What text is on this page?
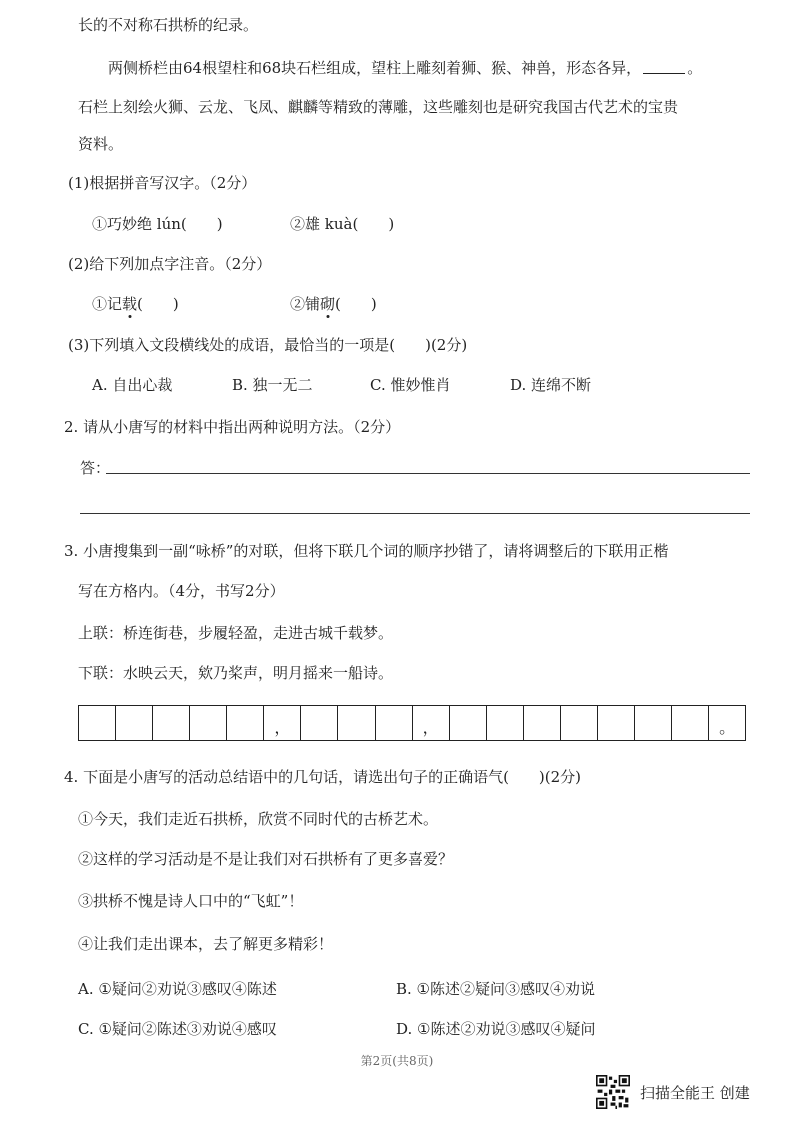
长的不对称石拱桥的纪录。
两侧桥栏由64根望柱和68块石栏组成，望柱上雕刻着狮、猴、神兽，形态各异，	。
石栏上刻绘火狮、云龙、飞凤、麒麟等精致的薄雕，这些雕刻也是研究我国古代艺术的宝贵
资料。
(1)根据拼音写汉字。（2分）
①巧妙绝 lún(　　)	②雄 kuà(　　)
(2)给下列加点字注音。（2分）
①记载(　　)	②铺砌(　　)
(3)下列填入文段横线处的成语，最恰当的一项是(　　)(2分)
A. 自出心裁	B. 独一无二	C. 惟妙惟肖	D. 连绵不断
2. 请从小唐写的材料中指出两种说明方法。（2分）
答：
3. 小唐搜集到一副“咏桥”的对联，但将下联几个词的顺序抄错了，请将调整后的下联用正楷
写在方格内。（4分，书写2分）
上联：桥连街巷，步履轻盈，走进古城千载梦。
下联：水映云天，欸乃桨声，明月摇来一船诗。
，	，	。
4. 下面是小唐写的活动总结语中的几句话，请选出句子的正确语气(　　)(2分)
①今天，我们走近石拱桥，欣赏不同时代的古桥艺术。
②这样的学习活动是不是让我们对石拱桥有了更多喜爱？
③拱桥不愧是诗人口中的“飞虹”！
④让我们走出课本，去了解更多精彩！
A. ①疑问②劝说③感叹④陈述	B. ①陈述②疑问③感叹④劝说
C. ①疑问②陈述③劝说④感叹	D. ①陈述②劝说③感叹④疑问
第2页(共8页)
扫描全能王 创建
